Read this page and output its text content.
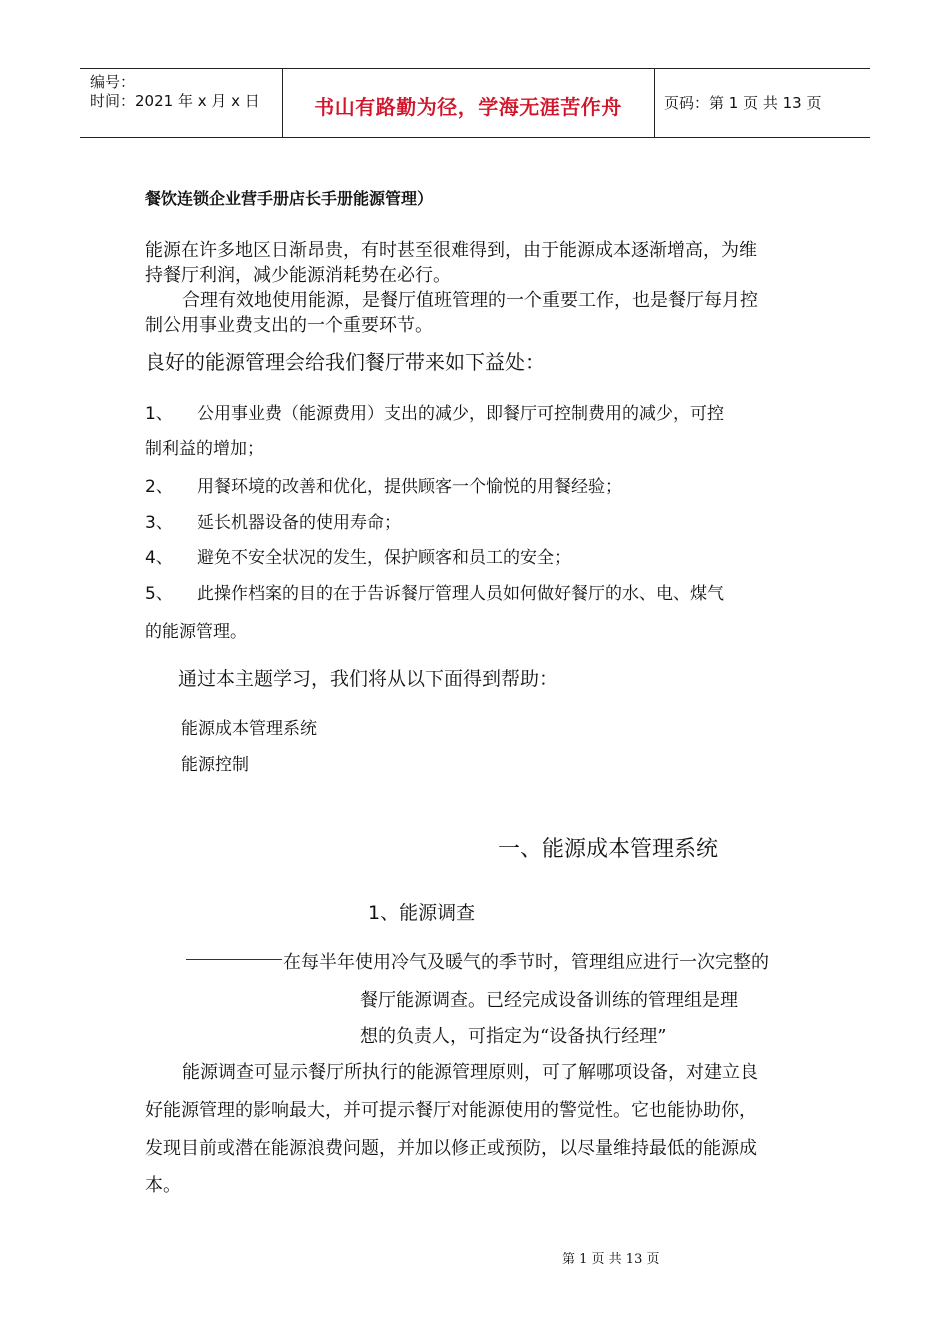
编号：
时间：2021 年 x 月 x 日	书山有路勤为径，学海无涯苦作舟	页码：第 1 页 共 13 页
餐饮连锁企业营手册店长手册能源管理）
能源在许多地区日渐昂贵，有时甚至很难得到，由于能源成本逐渐增高，为维
持餐厅利润，减少能源消耗势在必行。
合理有效地使用能源，是餐厅值班管理的一个重要工作，也是餐厅每月控
制公用事业费支出的一个重要环节。
良好的能源管理会给我们餐厅带来如下益处：
1、 公用事业费（能源费用）支出的减少，即餐厅可控制费用的减少，可控
制利益的增加；
2、 用餐环境的改善和优化，提供顾客一个愉悦的用餐经验；
3、 延长机器设备的使用寿命；
4、 避免不安全状况的发生，保护顾客和员工的安全；
5、 此操作档案的目的在于告诉餐厅管理人员如何做好餐厅的水、电、煤气
的能源管理。
通过本主题学习，我们将从以下面得到帮助：
能源成本管理系统
能源控制
一、能源成本管理系统
1、能源调查
在每半年使用冷气及暖气的季节时，管理组应进行一次完整的
餐厅能源调查。已经完成设备训练的管理组是理
想的负责人，可指定为“设备执行经理”
能源调查可显示餐厅所执行的能源管理原则，可了解哪项设备，对建立良
好能源管理的影响最大，并可提示餐厅对能源使用的警觉性。它也能协助你，
发现目前或潜在能源浪费问题，并加以修正或预防，以尽量维持最低的能源成
本。
第 1 页 共 13 页
